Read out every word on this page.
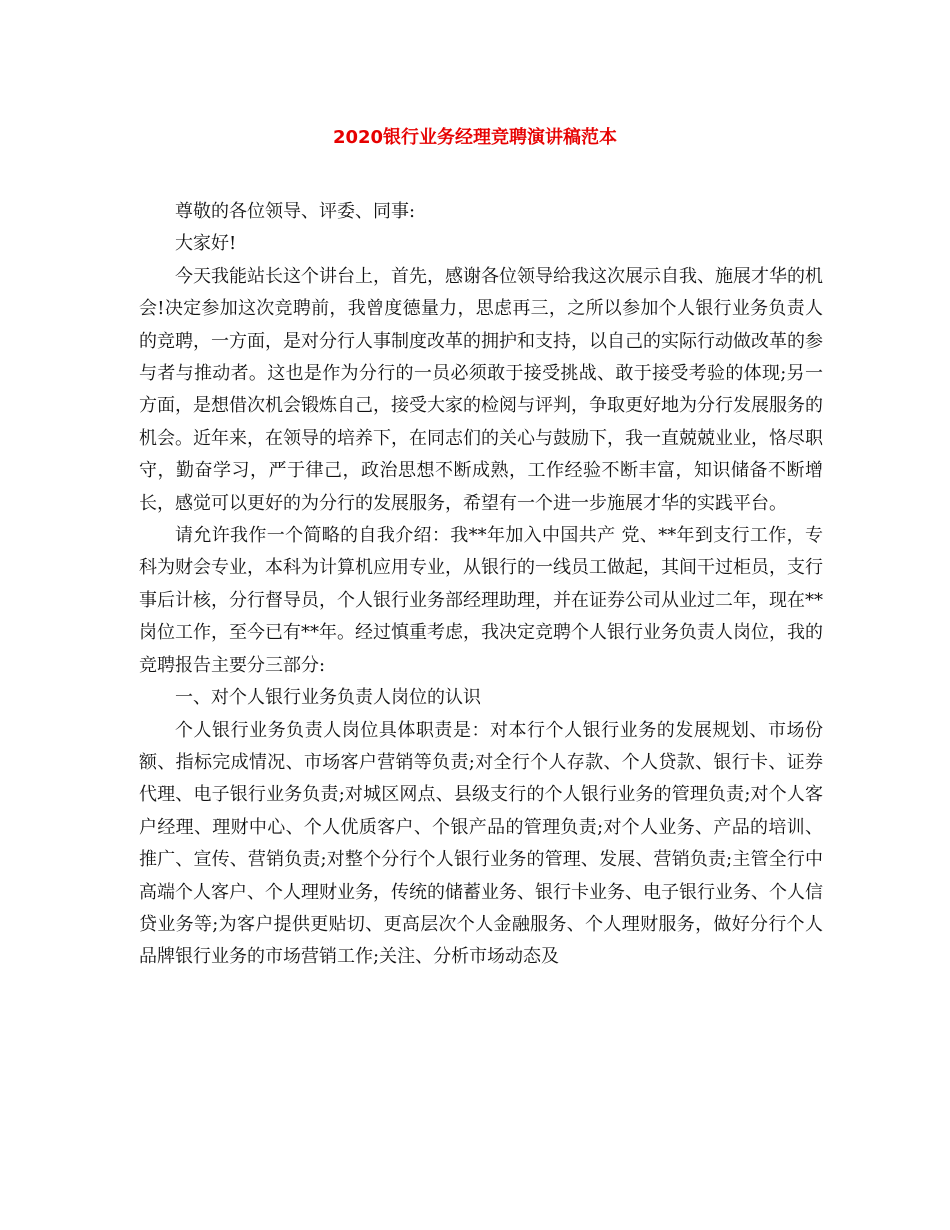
2020银行业务经理竞聘演讲稿范本

尊敬的各位领导、评委、同事:

大家好!

今天我能站长这个讲台上，首先，感谢各位领导给我这次展示自我、施展才华的机会!决定参加这次竞聘前，我曾度德量力，思虑再三，之所以参加个人银行业务负责人的竞聘，一方面，是对分行人事制度改革的拥护和支持，以自己的实际行动做改革的参与者与推动者。这也是作为分行的一员必须敢于接受挑战、敢于接受考验的体现;另一方面，是想借次机会锻炼自己，接受大家的检阅与评判，争取更好地为分行发展服务的机会。近年来，在领导的培养下，在同志们的关心与鼓励下，我一直兢兢业业，恪尽职守，勤奋学习，严于律己，政治思想不断成熟，工作经验不断丰富，知识储备不断增长，感觉可以更好的为分行的发展服务，希望有一个进一步施展才华的实践平台。

请允许我作一个简略的自我介绍：我**年加入中国共产 党、**年到支行工作，专科为财会专业，本科为计算机应用专业，从银行的一线员工做起，其间干过柜员，支行事后计核，分行督导员，个人银行业务部经理助理，并在证券公司从业过二年，现在**岗位工作，至今已有**年。经过慎重考虑，我决定竞聘个人银行业务负责人岗位，我的竞聘报告主要分三部分:

一、对个人银行业务负责人岗位的认识

个人银行业务负责人岗位具体职责是：对本行个人银行业务的发展规划、市场份额、指标完成情况、市场客户营销等负责;对全行个人存款、个人贷款、银行卡、证券代理、电子银行业务负责;对城区网点、县级支行的个人银行业务的管理负责;对个人客户经理、理财中心、个人优质客户、个银产品的管理负责;对个人业务、产品的培训、推广、宣传、营销负责;对整个分行个人银行业务的管理、发展、营销负责;主管全行中高端个人客户、个人理财业务，传统的储蓄业务、银行卡业务、电子银行业务、个人信贷业务等;为客户提供更贴切、更高层次个人金融服务、个人理财服务，做好分行个人品牌银行业务的市场营销工作;关注、分析市场动态及
